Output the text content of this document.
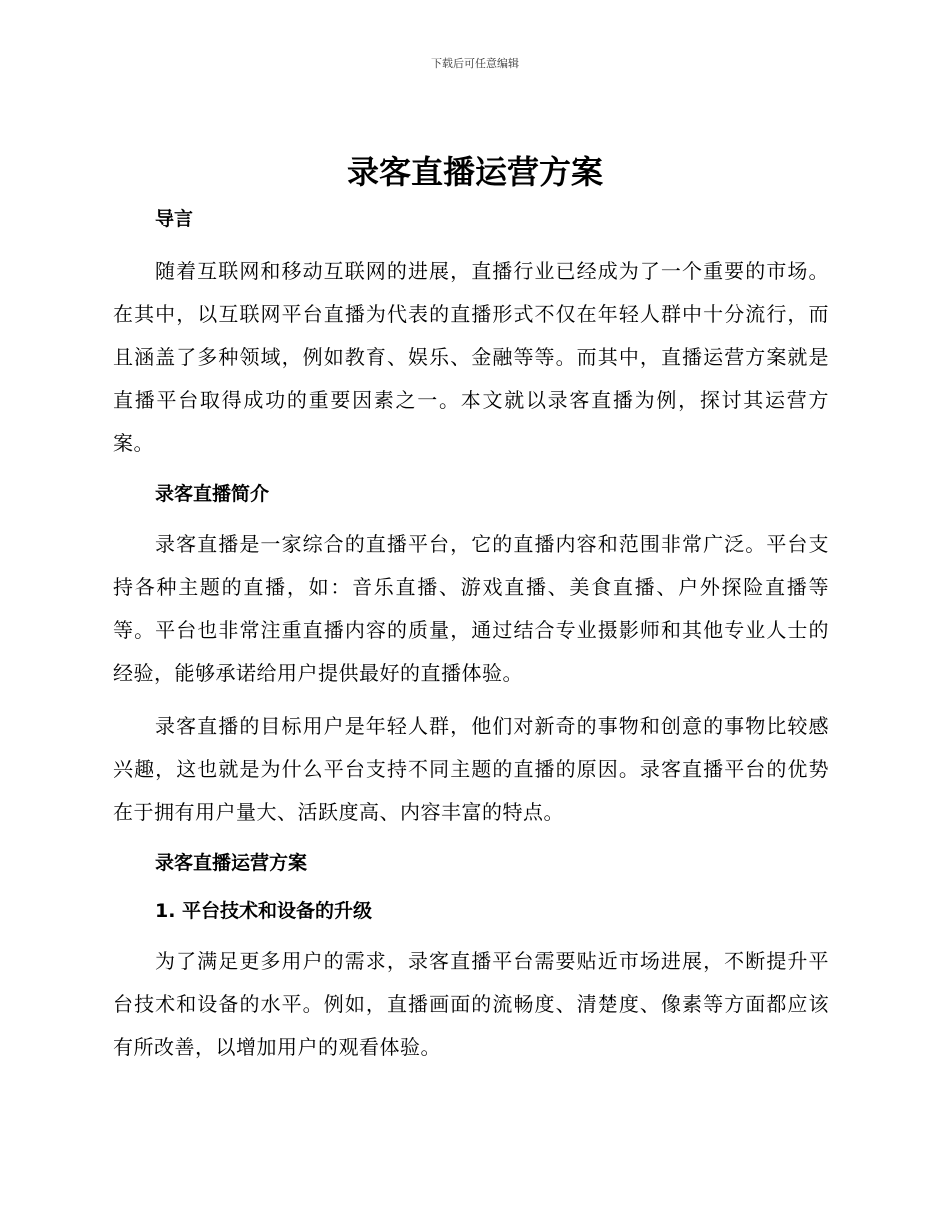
下载后可任意编辑
录客直播运营方案
导言

随着互联网和移动互联网的进展，直播行业已经成为了一个重要的市场。在其中，以互联网平台直播为代表的直播形式不仅在年轻人群中十分流行，而且涵盖了多种领域，例如教育、娱乐、金融等等。而其中，直播运营方案就是直播平台取得成功的重要因素之一。本文就以录客直播为例，探讨其运营方案。

录客直播简介

录客直播是一家综合的直播平台，它的直播内容和范围非常广泛。平台支持各种主题的直播，如：音乐直播、游戏直播、美食直播、户外探险直播等等。平台也非常注重直播内容的质量，通过结合专业摄影师和其他专业人士的经验，能够承诺给用户提供最好的直播体验。

录客直播的目标用户是年轻人群，他们对新奇的事物和创意的事物比较感兴趣，这也就是为什么平台支持不同主题的直播的原因。录客直播平台的优势在于拥有用户量大、活跃度高、内容丰富的特点。

录客直播运营方案
1. 平台技术和设备的升级

为了满足更多用户的需求，录客直播平台需要贴近市场进展，不断提升平台技术和设备的水平。例如，直播画面的流畅度、清楚度、像素等方面都应该有所改善，以增加用户的观看体验。
